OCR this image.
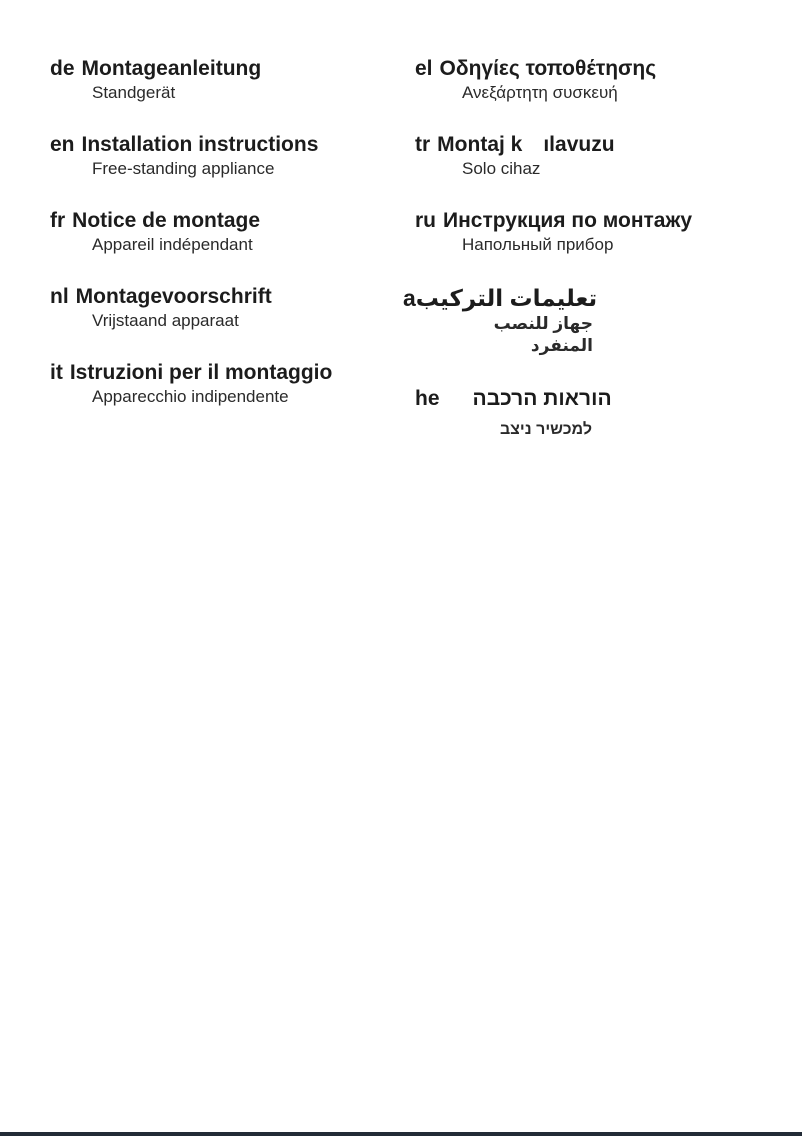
de Montageanleitung
Standgerät
en Installation instructions
Free-standing appliance
fr Notice de montage
Appareil indépendant
nl Montagevoorschrift
Vrijstaand apparaat
it Istruzioni per il montaggio
Apparecchio indipendente
el Οδηγίες τοποθέτησης
Ανεξάρτητη συσκευή
tr Montaj k ılavuzu
Solo cihaz
ru Инструкция по монтажу
Напольный прибор
a تعليمات التركيب
جهاز للنصب المنفرد
he הוראות הרכבה
למכשיר ניצב
